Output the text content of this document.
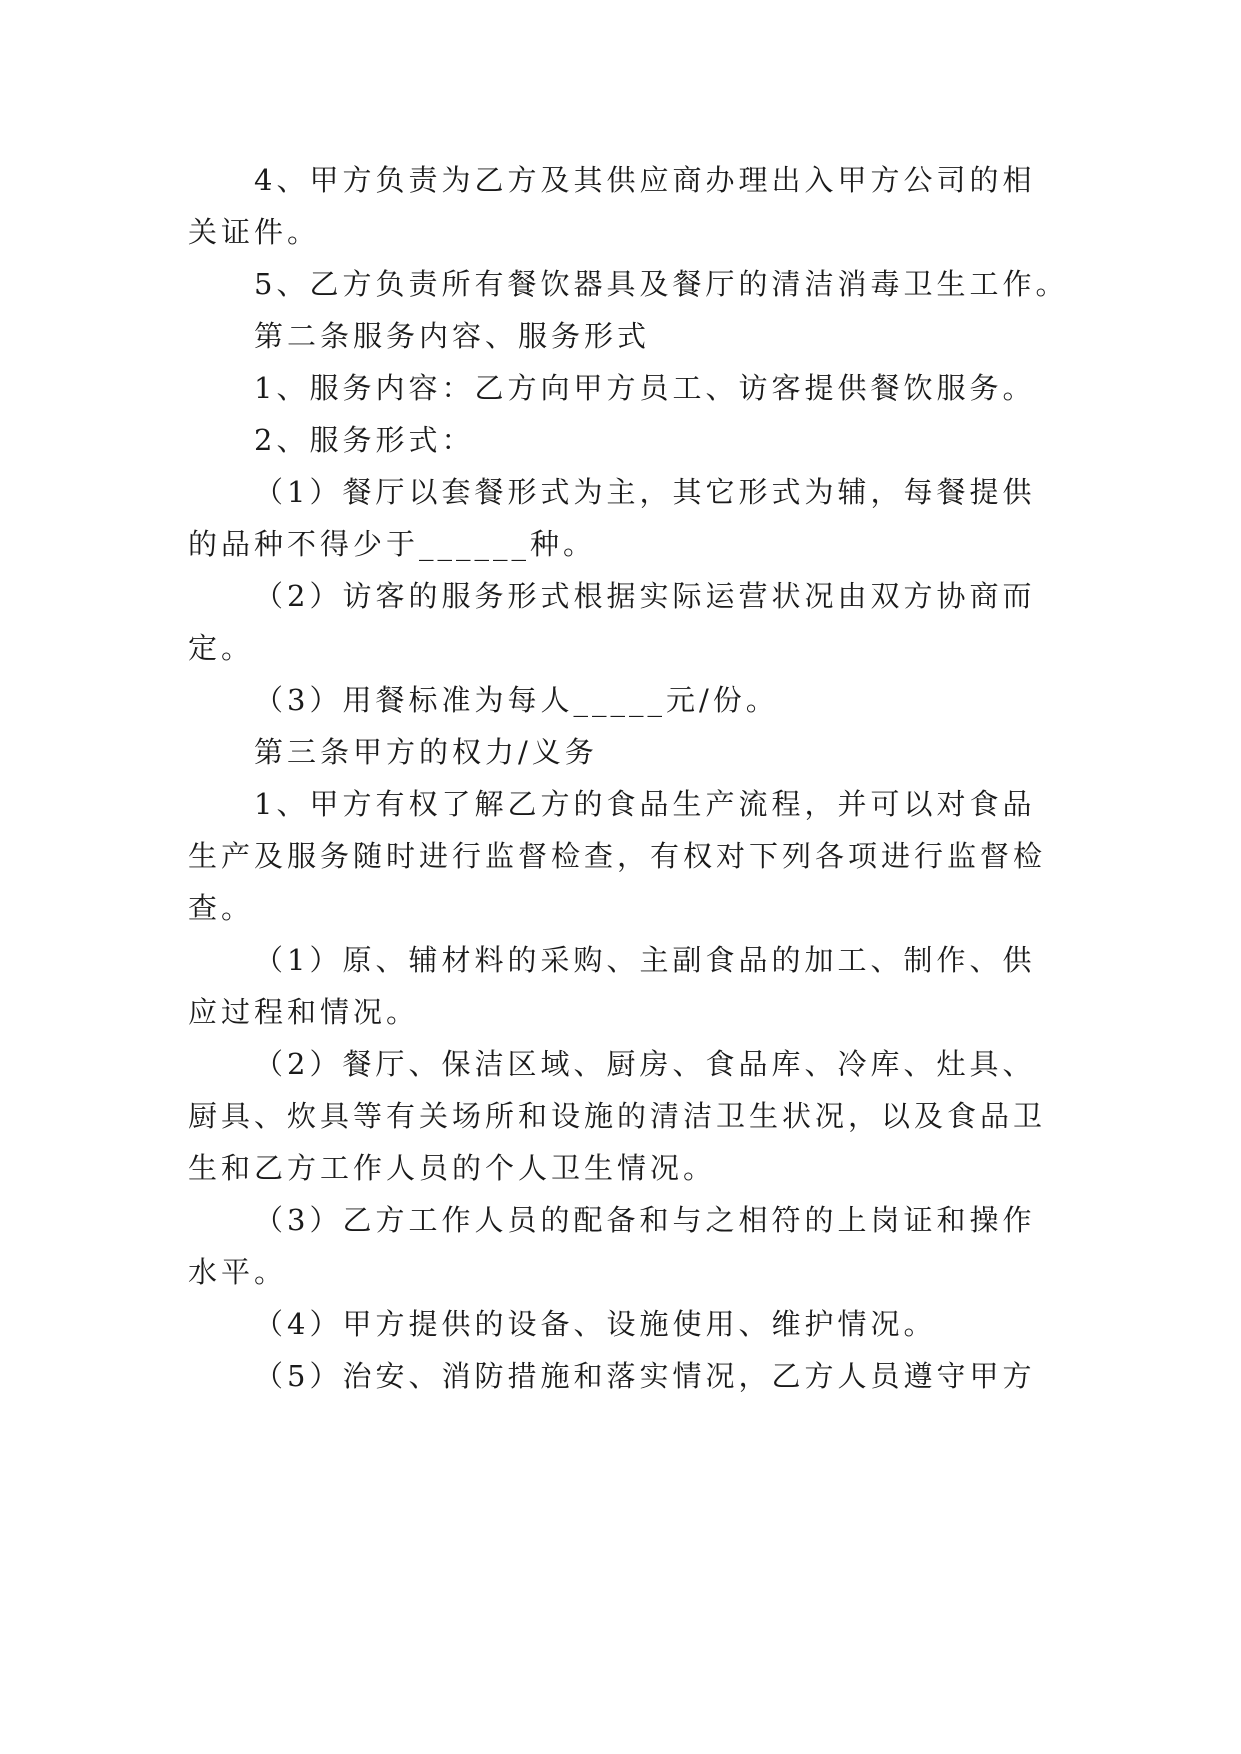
4、甲方负责为乙方及其供应商办理出入甲方公司的相
关证件。
5、乙方负责所有餐饮器具及餐厅的清洁消毒卫生工作。
第二条服务内容、服务形式
1、服务内容：乙方向甲方员工、访客提供餐饮服务。
2、服务形式：
（1）餐厅以套餐形式为主，其它形式为辅，每餐提供
的品种不得少于______种。
（2）访客的服务形式根据实际运营状况由双方协商而
定。
（3）用餐标准为每人_____元/份。
第三条甲方的权力/义务
1、甲方有权了解乙方的食品生产流程，并可以对食品
生产及服务随时进行监督检查，有权对下列各项进行监督检
查。
（1）原、辅材料的采购、主副食品的加工、制作、供
应过程和情况。
（2）餐厅、保洁区域、厨房、食品库、冷库、灶具、
厨具、炊具等有关场所和设施的清洁卫生状况，以及食品卫
生和乙方工作人员的个人卫生情况。
（3）乙方工作人员的配备和与之相符的上岗证和操作
水平。
（4）甲方提供的设备、设施使用、维护情况。
（5）治安、消防措施和落实情况，乙方人员遵守甲方
